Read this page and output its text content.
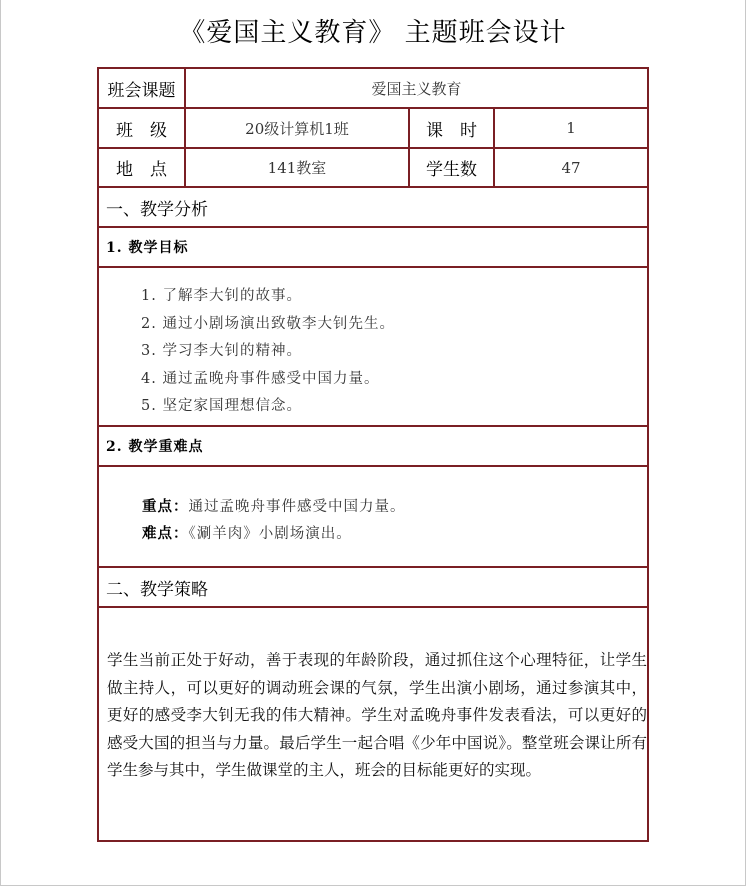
《爱国主义教育》 主题班会设计
班会课题	爱国主义教育
班　级	20级计算机1班	课　时	1
地　点	141教室	学生数	47
一、教学分析
1. 教学目标
1. 了解李大钊的故事。
2. 通过小剧场演出致敬李大钊先生。
3. 学习李大钊的精神。
4. 通过孟晚舟事件感受中国力量。
5. 坚定家国理想信念。
2. 教学重难点
重点：通过孟晚舟事件感受中国力量。
难点：《涮羊肉》小剧场演出。
二、教学策略

学生当前正处于好动，善于表现的年龄阶段，通过抓住这个心理特征，让学生做主持人，可以更好的调动班会课的气氛，学生出演小剧场，通过参演其中，更好的感受李大钊无我的伟大精神。学生对孟晚舟事件发表看法，可以更好的感受大国的担当与力量。最后学生一起合唱《少年中国说》。整堂班会课让所有学生参与其中，学生做课堂的主人，班会的目标能更好的实现。
